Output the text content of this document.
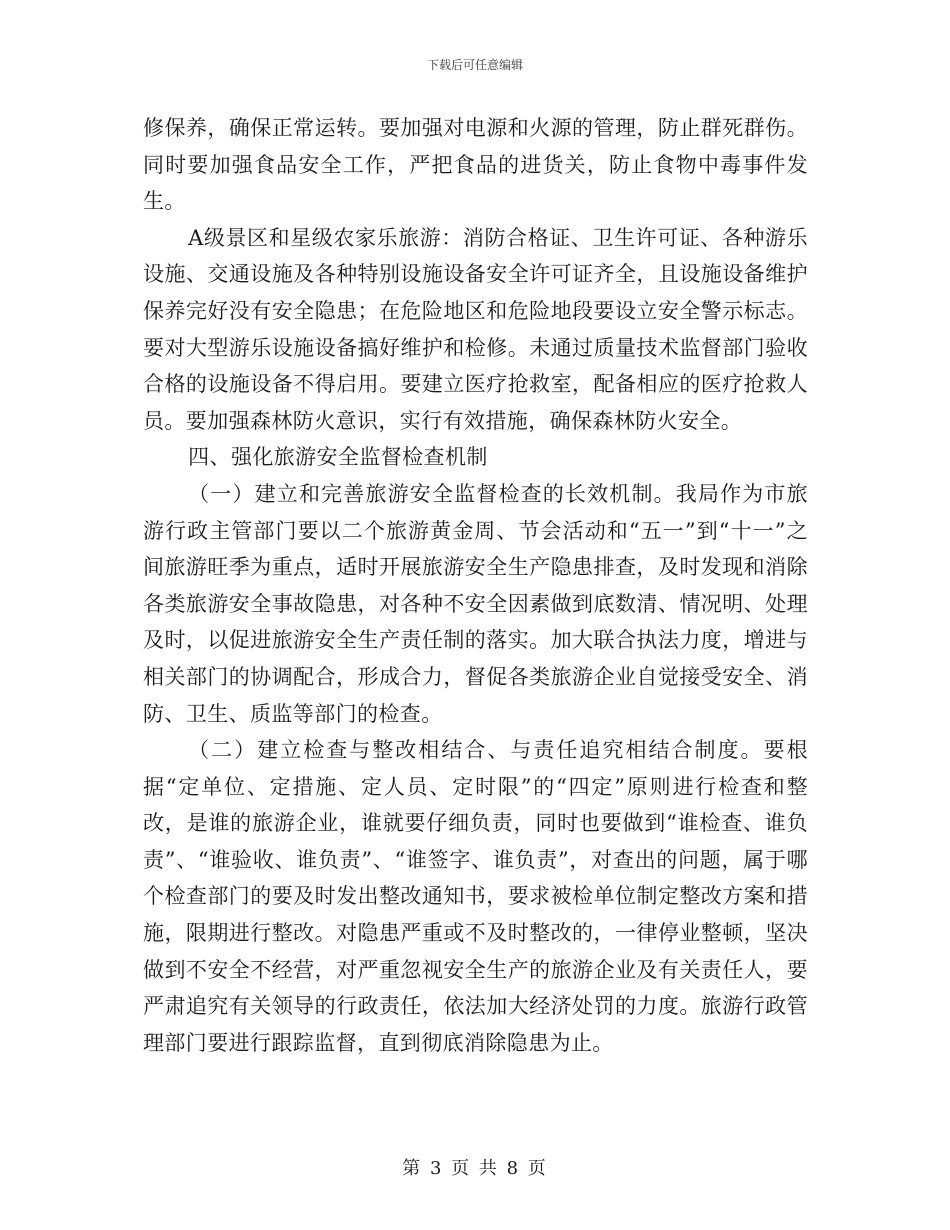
下载后可任意编辑

修保养，确保正常运转。要加强对电源和火源的管理，防止群死群伤。同时要加强食品安全工作，严把食品的进货关，防止食物中毒事件发生。

A级景区和星级农家乐旅游：消防合格证、卫生许可证、各种游乐设施、交通设施及各种特别设施设备安全许可证齐全，且设施设备维护保养完好没有安全隐患；在危险地区和危险地段要设立安全警示标志。要对大型游乐设施设备搞好维护和检修。未通过质量技术监督部门验收合格的设施设备不得启用。要建立医疗抢救室，配备相应的医疗抢救人员。要加强森林防火意识，实行有效措施，确保森林防火安全。

四、强化旅游安全监督检查机制

（一）建立和完善旅游安全监督检查的长效机制。我局作为市旅游行政主管部门要以二个旅游黄金周、节会活动和“五一”到“十一”之间旅游旺季为重点，适时开展旅游安全生产隐患排查，及时发现和消除各类旅游安全事故隐患，对各种不安全因素做到底数清、情况明、处理及时，以促进旅游安全生产责任制的落实。加大联合执法力度，增进与相关部门的协调配合，形成合力，督促各类旅游企业自觉接受安全、消防、卫生、质监等部门的检查。

（二）建立检查与整改相结合、与责任追究相结合制度。要根据“定单位、定措施、定人员、定时限”的“四定”原则进行检查和整改，是谁的旅游企业，谁就要仔细负责，同时也要做到“谁检查、谁负责”、“谁验收、谁负责”、“谁签字、谁负责”，对查出的问题，属于哪个检查部门的要及时发出整改通知书，要求被检单位制定整改方案和措施，限期进行整改。对隐患严重或不及时整改的，一律停业整顿，坚决做到不安全不经营，对严重忽视安全生产的旅游企业及有关责任人，要严肃追究有关领导的行政责任，依法加大经济处罚的力度。旅游行政管理部门要进行跟踪监督，直到彻底消除隐患为止。

第 3 页 共 8 页
